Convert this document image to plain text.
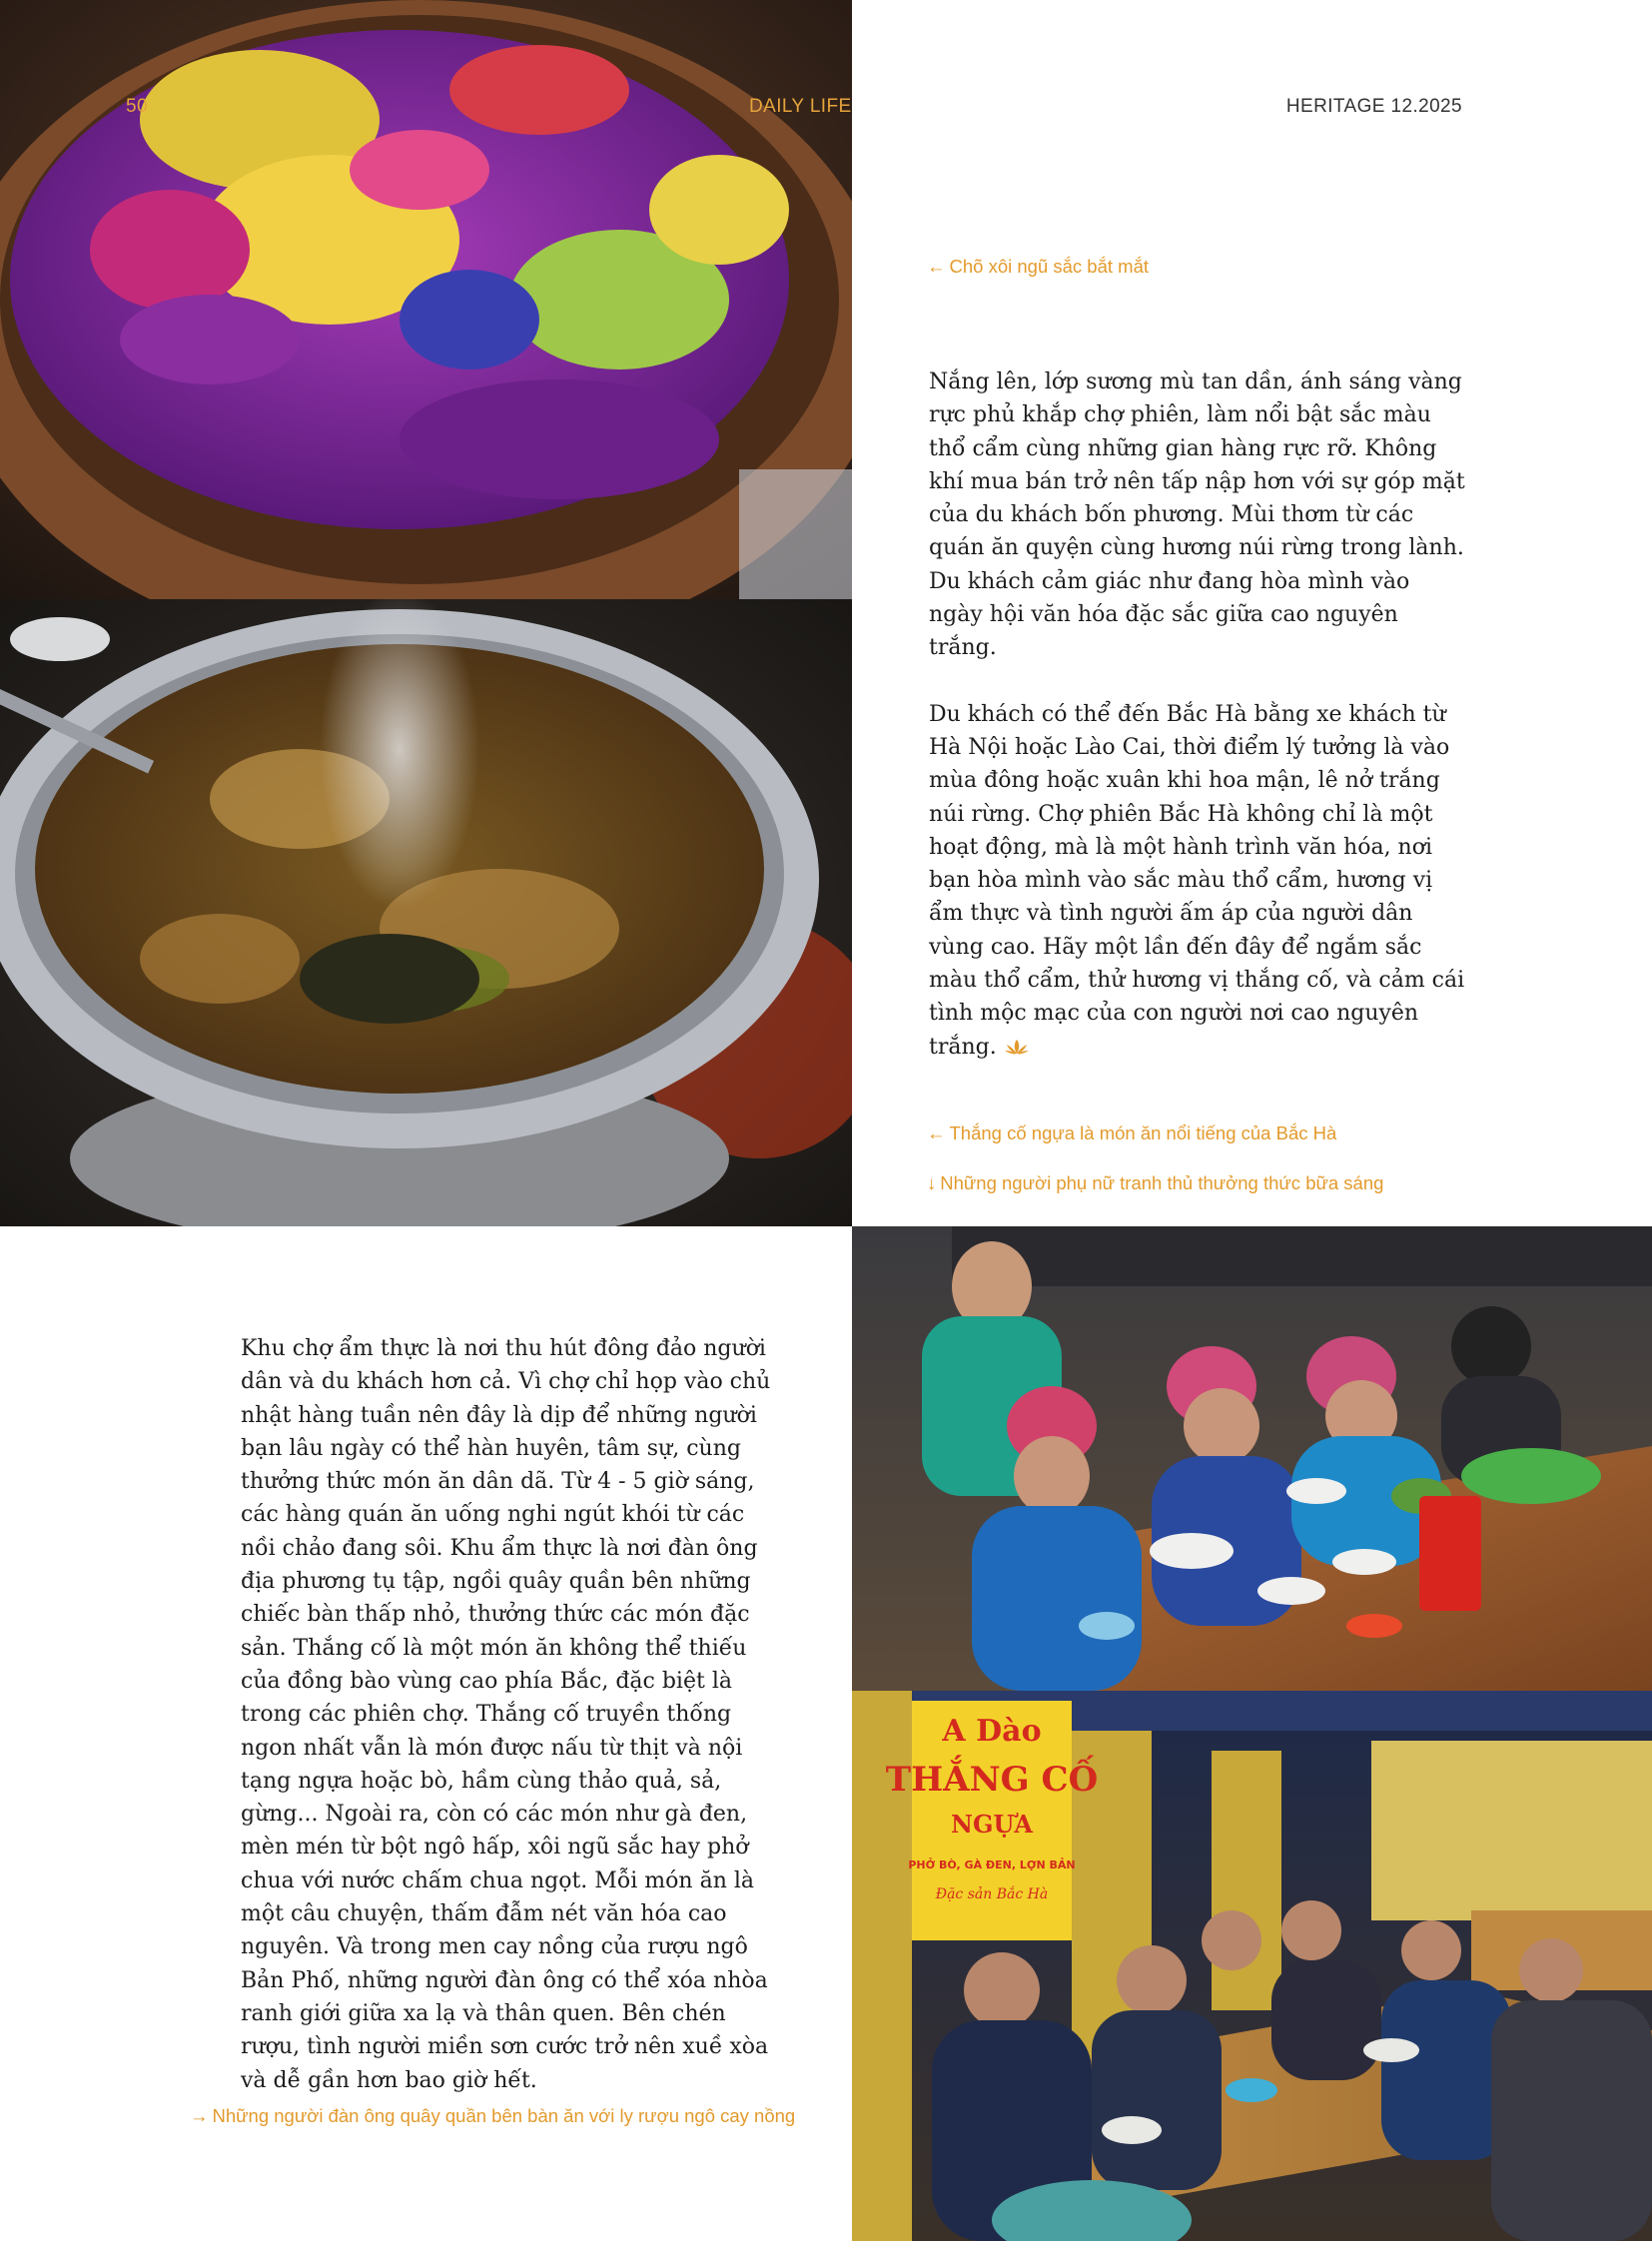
A Dào
THẮNG CỐ
NGỰA
PHỞ BÒ, GÀ ĐEN, LỢN BẢN
Đặc sản Bắc Hà
50	DAILY LIFE	HERITAGE 12.2025
← Chõ xôi ngũ sắc bắt mắt

Nắng lên, lớp sương mù tan dần, ánh sáng vàng rực phủ khắp chợ phiên, làm nổi bật sắc màu thổ cẩm cùng những gian hàng rực rỡ. Không khí mua bán trở nên tấp nập hơn với sự góp mặt của du khách bốn phương. Mùi thơm từ các quán ăn quyện cùng hương núi rừng trong lành. Du khách cảm giác như đang hòa mình vào ngày hội văn hóa đặc sắc giữa cao nguyên trắng.

Du khách có thể đến Bắc Hà bằng xe khách từ Hà Nội hoặc Lào Cai, thời điểm lý tưởng là vào mùa đông hoặc xuân khi hoa mận, lê nở trắng núi rừng. Chợ phiên Bắc Hà không chỉ là một hoạt động, mà là một hành trình văn hóa, nơi bạn hòa mình vào sắc màu thổ cẩm, hương vị ẩm thực và tình người ấm áp của người dân vùng cao. Hãy một lần đến đây để ngắm sắc màu thổ cẩm, thử hương vị thắng cố, và cảm cái tình mộc mạc của con người nơi cao nguyên trắng.

← Thắng cố ngựa là món ăn nổi tiếng của Bắc Hà
↓ Những người phụ nữ tranh thủ thưởng thức bữa sáng

Khu chợ ẩm thực là nơi thu hút đông đảo người dân và du khách hơn cả. Vì chợ chỉ họp vào chủ nhật hàng tuần nên đây là dịp để những người bạn lâu ngày có thể hàn huyên, tâm sự, cùng thưởng thức món ăn dân dã. Từ 4 - 5 giờ sáng, các hàng quán ăn uống nghi ngút khói từ các nồi chảo đang sôi. Khu ẩm thực là nơi đàn ông địa phương tụ tập, ngồi quây quần bên những chiếc bàn thấp nhỏ, thưởng thức các món đặc sản. Thắng cố là một món ăn không thể thiếu của đồng bào vùng cao phía Bắc, đặc biệt là trong các phiên chợ. Thắng cố truyền thống ngon nhất vẫn là món được nấu từ thịt và nội tạng ngựa hoặc bò, hầm cùng thảo quả, sả, gừng... Ngoài ra, còn có các món như gà đen, mèn mén từ bột ngô hấp, xôi ngũ sắc hay phở chua với nước chấm chua ngọt. Mỗi món ăn là một câu chuyện, thấm đẫm nét văn hóa cao nguyên. Và trong men cay nồng của rượu ngô Bản Phố, những người đàn ông có thể xóa nhòa ranh giới giữa xa lạ và thân quen. Bên chén rượu, tình người miền sơn cước trở nên xuề xòa và dễ gần hơn bao giờ hết.

→ Những người đàn ông quây quần bên bàn ăn với ly rượu ngô cay nồng
